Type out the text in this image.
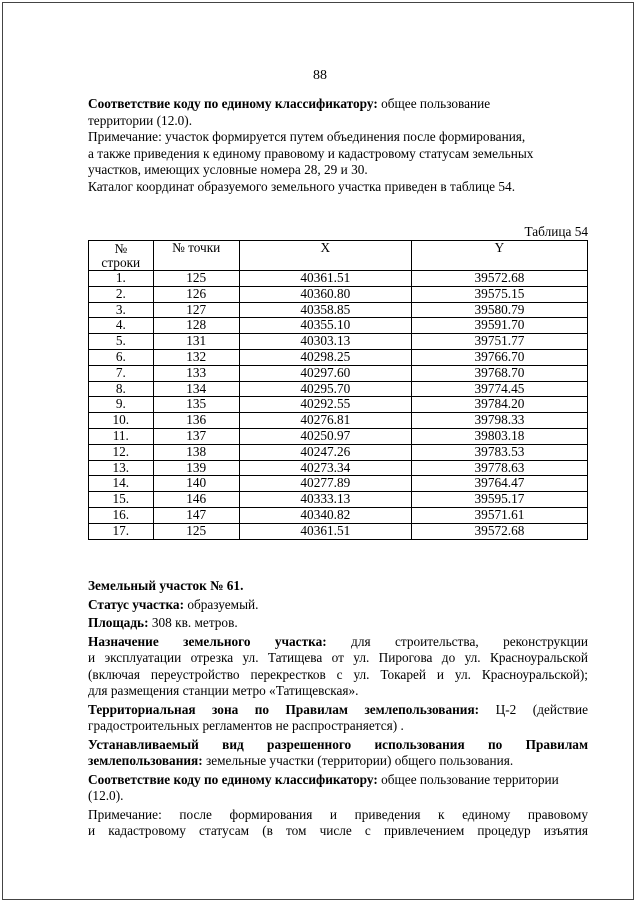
88

Соответствие коду по единому классификатору: общее пользование
территории (12.0).

Примечание: участок формируется путем объединения после формирования,
а также приведения к единому правовому и кадастровому статусам земельных
участков, имеющих условные номера 28, 29 и 30.

Каталог координат образуемого земельного участка приведен в таблице 54.

Таблица 54
№
строки	№ точки	X	Y
1.	125	40361.51	39572.68
2.	126	40360.80	39575.15
3.	127	40358.85	39580.79
4.	128	40355.10	39591.70
5.	131	40303.13	39751.77
6.	132	40298.25	39766.70
7.	133	40297.60	39768.70
8.	134	40295.70	39774.45
9.	135	40292.55	39784.20
10.	136	40276.81	39798.33
11.	137	40250.97	39803.18
12.	138	40247.26	39783.53
13.	139	40273.34	39778.63
14.	140	40277.89	39764.47
15.	146	40333.13	39595.17
16.	147	40340.82	39571.61
17.	125	40361.51	39572.68

Земельный участок № 61.

Статус участка: образуемый.

Площадь: 308 кв. метров.

Назначение земельного участка: для строительства, реконструкции
и эксплуатации отрезка ул. Татищева от ул. Пирогова до ул. Красноуральской
(включая переустройство перекрестков с ул. Токарей и ул. Красноуральской);
для размещения станции метро «Татищевская».

Территориальная зона по Правилам землепользования: Ц-2 (действие
градостроительных регламентов не распространяется) .

Устанавливаемый вид разрешенного использования по Правилам
землепользования: земельные участки (территории) общего пользования.

Соответствие коду по единому классификатору: общее пользование территории
(12.0).

Примечание: после формирования и приведения к единому правовому
и кадастровому статусам (в том числе с привлечением процедур изъятия
